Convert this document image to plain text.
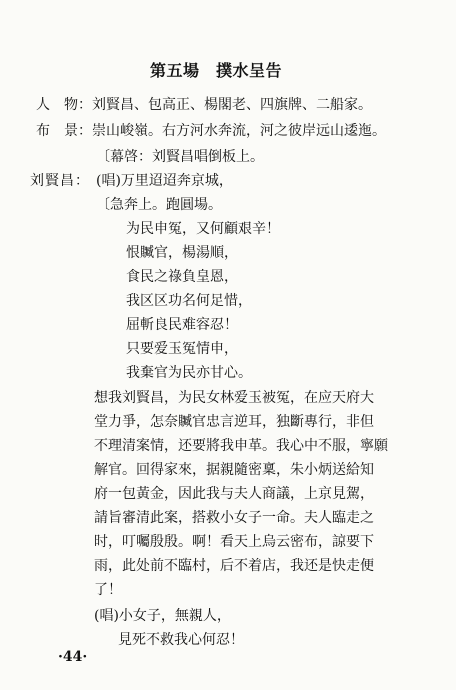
第五場　撲水呈告
人　物：刘賢昌、包高正、楊閣老、四旗牌、二船家。
布　景：崇山峻嶺。右方河水奔流，河之彼岸远山逶迤。
〔幕啓：刘賢昌唱倒板上。
刘賢昌： (唱)万里迢迢奔京城，
〔急奔上。跑圓場。
为民申冤，又何顧艰辛！
恨贓官，楊湯順，
食民之祿負皇恩，
我区区功名何足惜，
屈斬良民难容忍！
只要爱玉冤情申，
我棄官为民亦甘心。
想我刘賢昌，为民女林爱玉被冤，在应天府大
堂力爭，怎奈贓官忠言逆耳，独斷專行，非但
不理清案情，还要將我申革。我心中不服，寧願
解官。回得家來，据親隨密稟，朱小炳送給知
府一包黃金，因此我与夫人商議，上京見駕，
請旨審清此案，搭救小女子一命。夫人臨走之
时，叮囑殷殷。啊！看天上烏云密布，諒要下
雨，此处前不臨村，后不着店，我还是快走便
了！
(唱)小女子，無親人，
見死不救我心何忍！
·44·
